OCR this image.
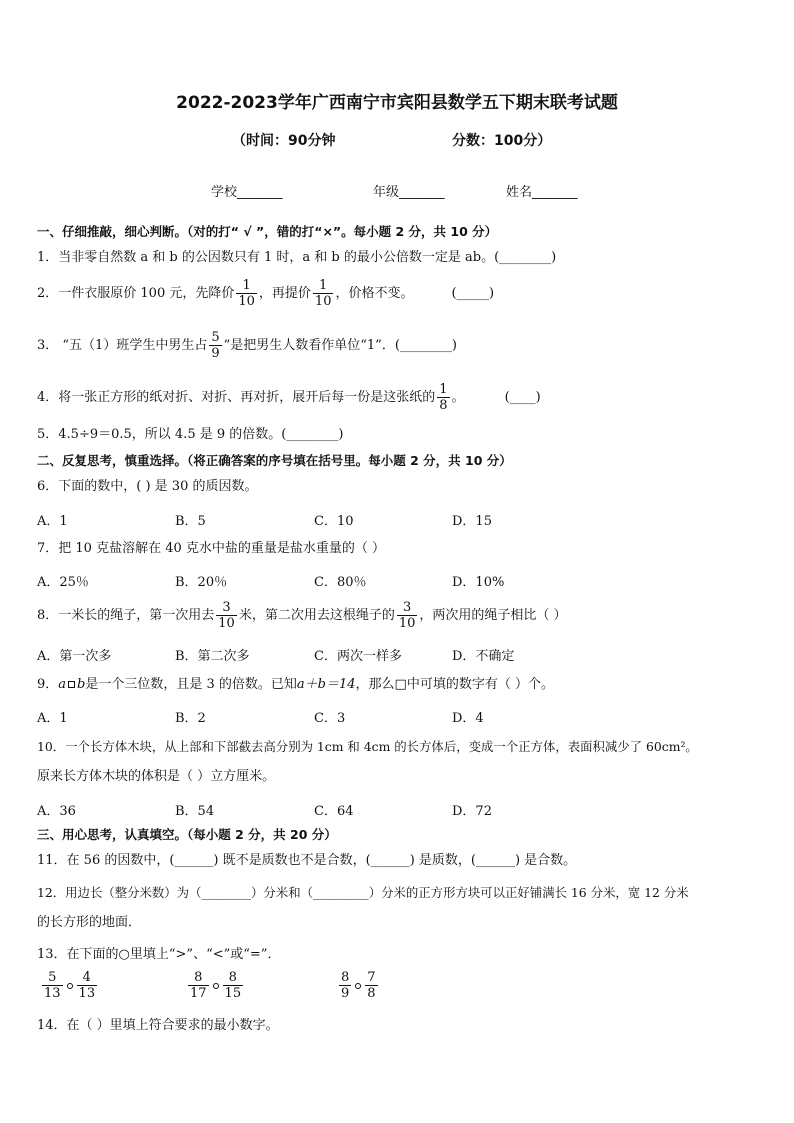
2022-2023学年广西南宁市宾阳县数学五下期末联考试题
（时间：90分钟	分数：100分）
学校_______	年级_______	姓名_______
一、仔细推敲，细心判断。（对的打“ √ ”，错的打“×”。每小题 2 分，共 10 分）
1．当非零自然数 a 和 b 的公因数只有 1 时，a 和 b 的最小公倍数一定是 ab。(________)
2．一件衣服原价 100 元，先降价 $\frac{1}{10}$ ，再提价 $\frac{1}{10}$ ，价格不变。	(_____)
3． “五（1）班学生中男生占 $\frac{5}{9}$ ”是把男生人数看作单位“1”．(________)
4．将一张正方形的纸对折、对折、再对折，展开后每一份是这张纸的 $\frac{1}{8}$ 。	(____)
5．4.5÷9＝0.5，所以 4.5 是 9 的倍数。(________)
二、反复思考，慎重选择。（将正确答案的序号填在括号里。每小题 2 分，共 10 分）
6．下面的数中，( ) 是 30 的质因数。
A．1	B．5	C．10	D．15
7．把 10 克盐溶解在 40 克水中盐的重量是盐水重量的（ ）
A．25％	B．20％	C．80％	D．10%
8．一米长的绳子，第一次用去 $\frac{3}{10}$ 米，第二次用去这根绳子的 $\frac{3}{10}$ ，两次用的绳子相比（ ）
A．第一次多	B．第二次多	C．两次一样多	D．不确定
9．a b是一个三位数，且是 3 的倍数。已知a＋b＝14，那么□中可填的数字有（ ）个。
A．1	B．2	C．3	D．4
10．一个长方体木块，从上部和下部截去高分别为 1cm 和 4cm 的长方体后，变成一个正方体，表面积减少了 60cm²。
原来长方体木块的体积是（ ）立方厘米。
A．36	B．54	C．64	D．72
三、用心思考，认真填空。（每小题 2 分，共 20 分）
11．在 56 的因数中，(______) 既不是质数也不是合数，(______) 是质数，(______) 是合数。
12．用边长（整分米数）为（________）分米和（_________）分米的正方形方块可以正好铺满长 16 分米，宽 12 分米
的长方形的地面．
13．在下面的○里填上“>”、“<”或“=”．
$\frac{5}{13} \frac{4}{13}$	$\frac{8}{17} \frac{8}{15}$	$\frac{8}{9} \frac{7}{8}$
14．在（ ）里填上符合要求的最小数字。
